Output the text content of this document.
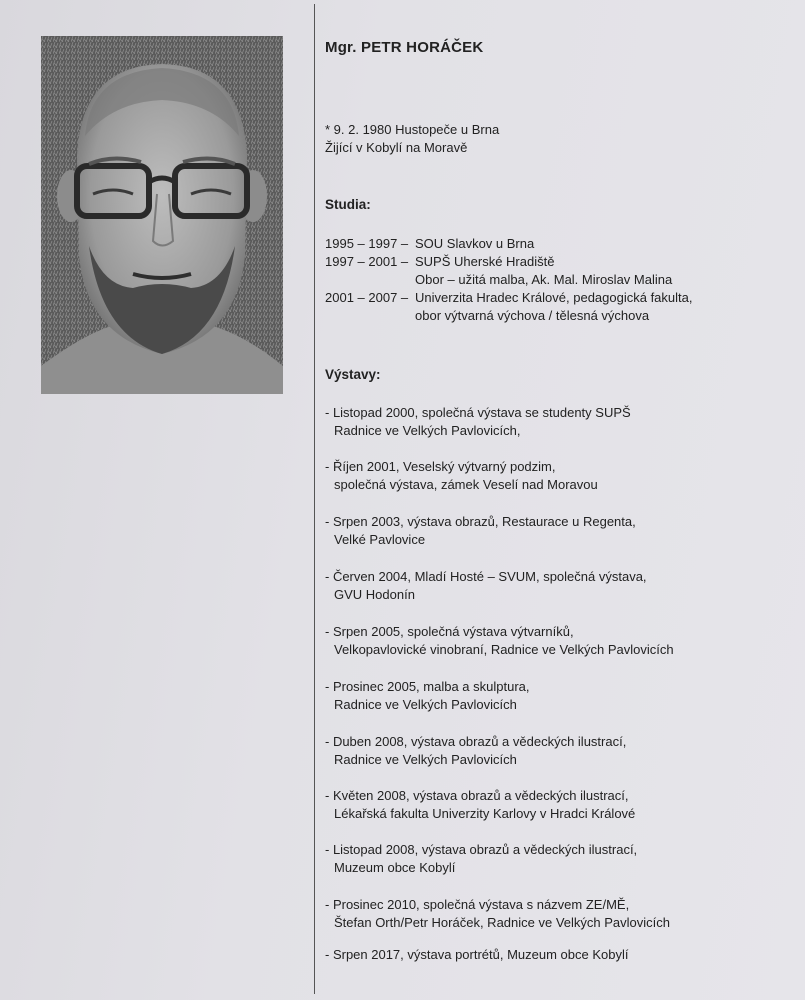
Mgr. PETR HORÁČEK
* 9. 2. 1980 Hustopeče u Brna
Žijící v Kobylí na Moravě
Studia:
1995 – 1997 – SOU Slavkov u Brna
1997 – 2001 – SUPŠ Uherské Hradiště
Obor – užitá malba, Ak. Mal. Miroslav Malina
2001 – 2007 – Univerzita Hradec Králové, pedagogická fakulta,
obor výtvarná výchova / tělesná výchova
Výstavy:
- Listopad 2000, společná výstava se studenty SUPŠ
Radnice ve Velkých Pavlovicích,
- Říjen 2001, Veselský výtvarný podzim,
společná výstava, zámek Veselí nad Moravou
- Srpen 2003, výstava obrazů, Restaurace u Regenta,
Velké Pavlovice
- Červen 2004, Mladí Hosté – SVUM, společná výstava,
GVU Hodonín
- Srpen 2005, společná výstava výtvarníků,
Velkopavlovické vinobraní, Radnice ve Velkých Pavlovicích
- Prosinec 2005, malba a skulptura,
Radnice ve Velkých Pavlovicích
- Duben 2008, výstava obrazů a vědeckých ilustrací,
Radnice ve Velkých Pavlovicích
- Květen 2008, výstava obrazů a vědeckých ilustrací,
Lékařská fakulta Univerzity Karlovy v Hradci Králové
- Listopad 2008, výstava obrazů a vědeckých ilustrací,
Muzeum obce Kobylí
- Prosinec 2010, společná výstava s názvem ZE/MĚ,
Štefan Orth/Petr Horáček, Radnice ve Velkých Pavlovicích
- Srpen 2017, výstava portrétů, Muzeum obce Kobylí
